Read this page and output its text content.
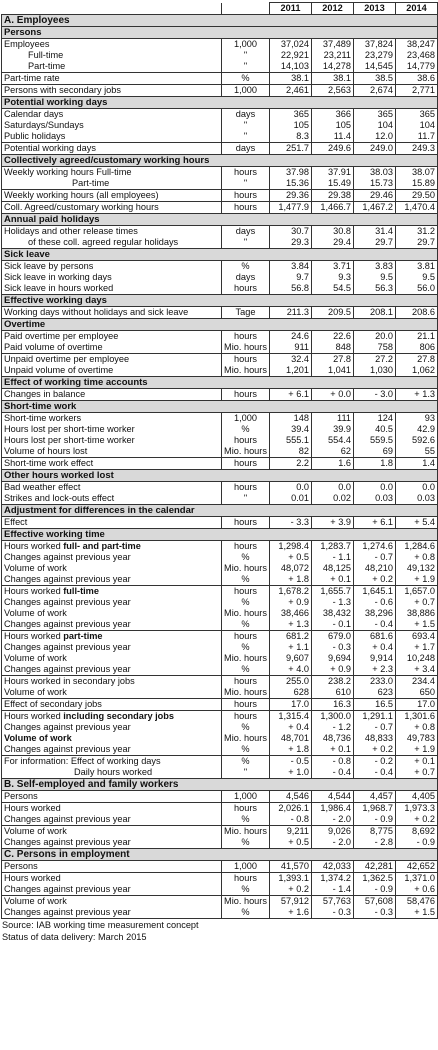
		2011	2012	2013	2014
A. Employees					
Persons					
Employees	1,000	37,024	37,489	37,824	38,247
Full-time	"	22,921	23,211	23,279	23,468
Part-time	"	14,103	14,278	14,545	14,779
Part-time rate	%	38.1	38.1	38.5	38.6
Persons with secondary jobs	1,000	2,461	2,563	2,674	2,771
Potential working days					
Calendar days	days	365	366	365	365
Saturdays/Sundays	"	105	105	104	104
Public holidays	"	8.3	11.4	12.0	11.7
Potential working days	days	251.7	249.6	249.0	249.3
Collectively agreed/customary working hours					
Weekly working hours Full-time	hours	37.98	37.91	38.03	38.07
Part-time	"	15.36	15.49	15.73	15.89
Weekly working hours (all employees)	hours	29.36	29.38	29.46	29.50
Coll. Agreed/customary working hours	hours	1,477.9	1,466.7	1,467.2	1,470.4
Annual paid holidays					
Holidays and other release times	days	30.7	30.8	31.4	31.2
of these coll. agreed regular holidays	"	29.3	29.4	29.7	29.7
Sick leave					
Sick leave by persons	%	3.84	3.71	3.83	3.81
Sick leave in working days	days	9.7	9.3	9.5	9.5
Sick leave in hours worked	hours	56.8	54.5	56.3	56.0
Effective working days					
Working days without holidays and sick leave	Tage	211.3	209.5	208.1	208.6
Overtime					
Paid overtime per employee	hours	24.6	22.6	20.0	21.1
Paid volume of overtime	Mio. hours	911	848	758	806
Unpaid overtime per employee	hours	32.4	27.8	27.2	27.8
Unpaid volume of overtime	Mio. hours	1,201	1,041	1,030	1,062
Effect of working time accounts					
Changes in balance	hours	+ 6.1	+ 0.0	- 3.0	+ 1.3
Short-time work					
Short-time workers	1,000	148	111	124	93
Hours lost per short-time worker	%	39.4	39.9	40.5	42.9
Hours lost per short-time worker	hours	555.1	554.4	559.5	592.6
Volume of hours lost	Mio. hours	82	62	69	55
Short-time work effect	hours	2.2	1.6	1.8	1.4
Other hours worked lost					
Bad weather effect	hours	0.0	0.0	0.0	0.0
Strikes and lock-outs effect	"	0.01	0.02	0.03	0.03
Adjustment for differences in the calendar					
Effect	hours	- 3.3	+ 3.9	+ 6.1	+ 5.4
Effective working time					
Hours worked full- and part-time	hours	1,298.4	1,283.7	1,274.6	1,284.6
Changes against previous year	%	+ 0.5	- 1.1	- 0.7	+ 0.8
Volume of work	Mio. hours	48,072	48,125	48,210	49,132
Changes against previous year	%	+ 1.8	+ 0.1	+ 0.2	+ 1.9
Hours worked full-time	hours	1,678.2	1,655.7	1,645.1	1,657.0
Changes against previous year	%	+ 0.9	- 1.3	- 0.6	+ 0.7
Volume of work	Mio. hours	38,466	38,432	38,296	38,886
Changes against previous year	%	+ 1.3	- 0.1	- 0.4	+ 1.5
Hours worked part-time	hours	681.2	679.0	681.6	693.4
Changes against previous year	%	+ 1.1	- 0.3	+ 0.4	+ 1.7
Volume of work	Mio. hours	9,607	9,694	9,914	10,248
Changes against previous year	%	+ 4.0	+ 0.9	+ 2.3	+ 3.4
Hours worked in secondary jobs	hours	255.0	238.2	233.0	234.4
Volume of work	Mio. hours	628	610	623	650
Effect of secondary jobs	hours	17.0	16.3	16.5	17.0
Hours worked including secondary jobs	hours	1,315.4	1,300.0	1,291.1	1,301.6
Changes against previous year	%	+ 0.4	- 1.2	- 0.7	+ 0.8
Volume of work	Mio. hours	48,701	48,736	48,833	49,783
Changes against previous year	%	+ 1.8	+ 0.1	+ 0.2	+ 1.9
For information: Effect of working days	%	- 0.5	- 0.8	- 0.2	+ 0.1
Daily hours worked	"	+ 1.0	- 0.4	- 0.4	+ 0.7
B. Self-employed and family workers					
Persons	1,000	4,546	4,544	4,457	4,405
Hours worked	hours	2,026.1	1,986.4	1,968.7	1,973.3
Changes against previous year	%	- 0.8	- 2.0	- 0.9	+ 0.2
Volume of work	Mio. hours	9,211	9,026	8,775	8,692
Changes against previous year	%	+ 0.5	- 2.0	- 2.8	- 0.9
C. Persons in employment					
Persons	1,000	41,570	42,033	42,281	42,652
Hours worked	hours	1,393.1	1,374.2	1,362.5	1,371.0
Changes against previous year	%	+ 0.2	- 1.4	- 0.9	+ 0.6
Volume of work	Mio. hours	57,912	57,763	57,608	58,476
Changes against previous year	%	+ 1.6	- 0.3	- 0.3	+ 1.5
Source: IAB working time measurement concept
Status of data delivery: March 2015
